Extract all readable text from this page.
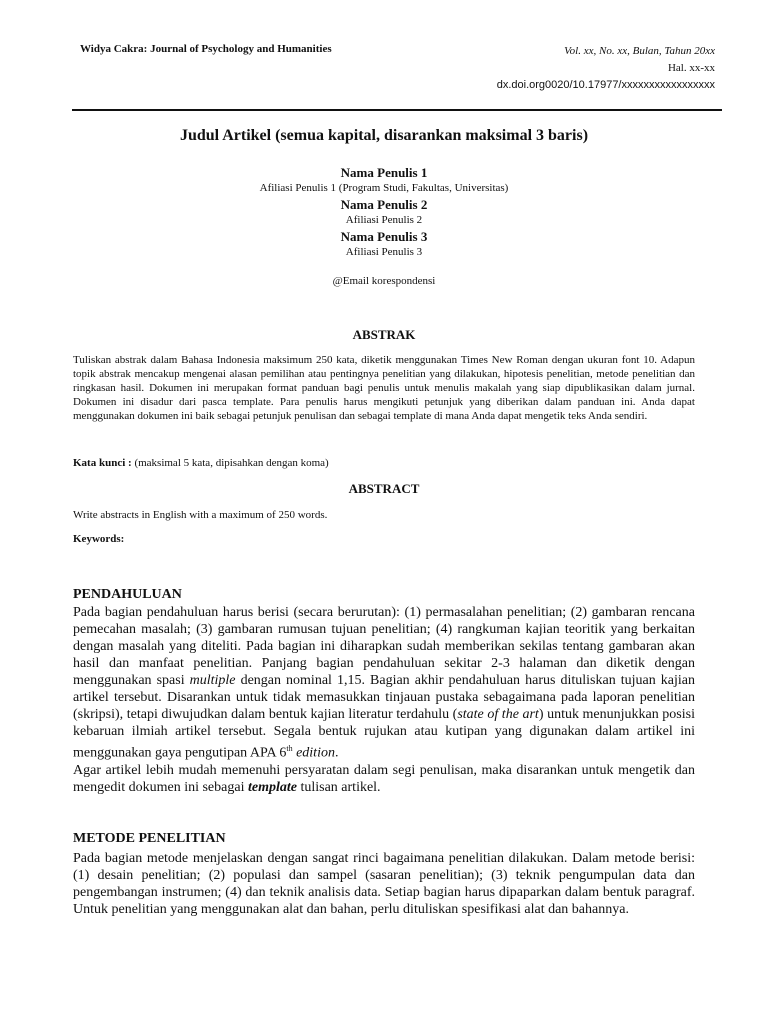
Widya Cakra: Journal of Psychology and Humanities	Vol. xx, No. xx, Bulan, Tahun 20xx
Hal. xx-xx
dx.doi.org0020/10.17977/xxxxxxxxxxxxxxxxx
Judul Artikel (semua kapital, disarankan maksimal 3 baris)
Nama Penulis 1
Afiliasi Penulis 1 (Program Studi, Fakultas, Universitas)
Nama Penulis 2
Afiliasi Penulis 2
Nama Penulis 3
Afiliasi Penulis 3
@Email korespondensi
ABSTRAK
Tuliskan abstrak dalam Bahasa Indonesia maksimum 250 kata, diketik menggunakan Times New Roman dengan ukuran font 10. Adapun topik abstrak mencakup mengenai alasan pemilihan atau pentingnya penelitian yang dilakukan, hipotesis penelitian, metode penelitian dan ringkasan hasil. Dokumen ini merupakan format panduan bagi penulis untuk menulis makalah yang siap dipublikasikan dalam jurnal. Dokumen ini disadur dari pasca template. Para penulis harus mengikuti petunjuk yang diberikan dalam panduan ini. Anda dapat menggunakan dokumen ini baik sebagai petunjuk penulisan dan sebagai template di mana Anda dapat mengetik teks Anda sendiri.
Kata kunci : (maksimal 5 kata, dipisahkan dengan koma)
ABSTRACT
Write abstracts in English with a maximum of 250 words.
Keywords:
PENDAHULUAN

Pada bagian pendahuluan harus berisi (secara berurutan): (1) permasalahan penelitian; (2) gambaran rencana pemecahan masalah; (3) gambaran rumusan tujuan penelitian; (4) rangkuman kajian teoritik yang berkaitan dengan masalah yang diteliti. Pada bagian ini diharapkan sudah memberikan sekilas tentang gambaran akan hasil dan manfaat penelitian. Panjang bagian pendahuluan sekitar 2-3 halaman dan diketik dengan menggunakan spasi multiple dengan nominal 1,15. Bagian akhir pendahuluan harus dituliskan tujuan kajian artikel tersebut. Disarankan untuk tidak memasukkan tinjauan pustaka sebagaimana pada laporan penelitian (skripsi), tetapi diwujudkan dalam bentuk kajian literatur terdahulu (state of the art) untuk menunjukkan posisi kebaruan ilmiah artikel tersebut. Segala bentuk rujukan atau kutipan yang digunakan dalam artikel ini menggunakan gaya pengutipan APA 6th edition.

Agar artikel lebih mudah memenuhi persyaratan dalam segi penulisan, maka disarankan untuk mengetik dan mengedit dokumen ini sebagai template tulisan artikel.

METODE PENELITIAN
Pada bagian metode menjelaskan dengan sangat rinci bagaimana penelitian dilakukan. Dalam metode berisi: (1) desain penelitian; (2) populasi dan sampel (sasaran penelitian); (3) teknik pengumpulan data dan pengembangan instrumen; (4) dan teknik analisis data. Setiap bagian harus dipaparkan dalam bentuk paragraf. Untuk penelitian yang menggunakan alat dan bahan, perlu dituliskan spesifikasi alat dan bahannya.
